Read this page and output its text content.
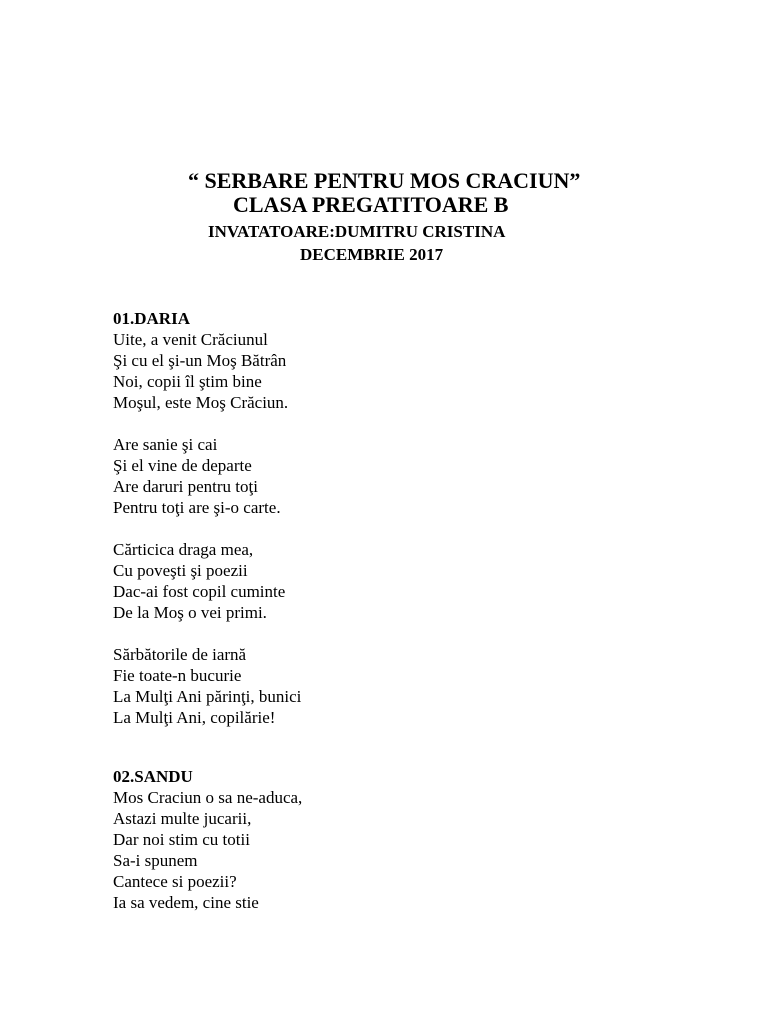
“ SERBARE PENTRU MOS CRACIUN”
CLASA PREGATITOARE B
INVATATOARE:DUMITRU CRISTINA
DECEMBRIE 2017
01.DARIA
Uite, a venit Crăciunul
Şi cu el şi-un Moş Bătrân
Noi, copii îl ştim bine
Moşul, este Moş Crăciun.
Are sanie şi cai
Şi el vine de departe
Are daruri pentru toţi
Pentru toţi are şi-o carte.
Cărticica draga mea,
Cu poveşti şi poezii
Dac-ai fost copil cuminte
De la Moş o vei primi.
Sărbătorile de iarnă
Fie toate-n bucurie
La Mulţi Ani părinţi, bunici
La Mulţi Ani, copilărie!
02.SANDU
Mos Craciun o sa ne-aduca,
Astazi multe jucarii,
Dar noi stim cu totii
Sa-i spunem
Cantece si poezii?
Ia sa vedem, cine stie
